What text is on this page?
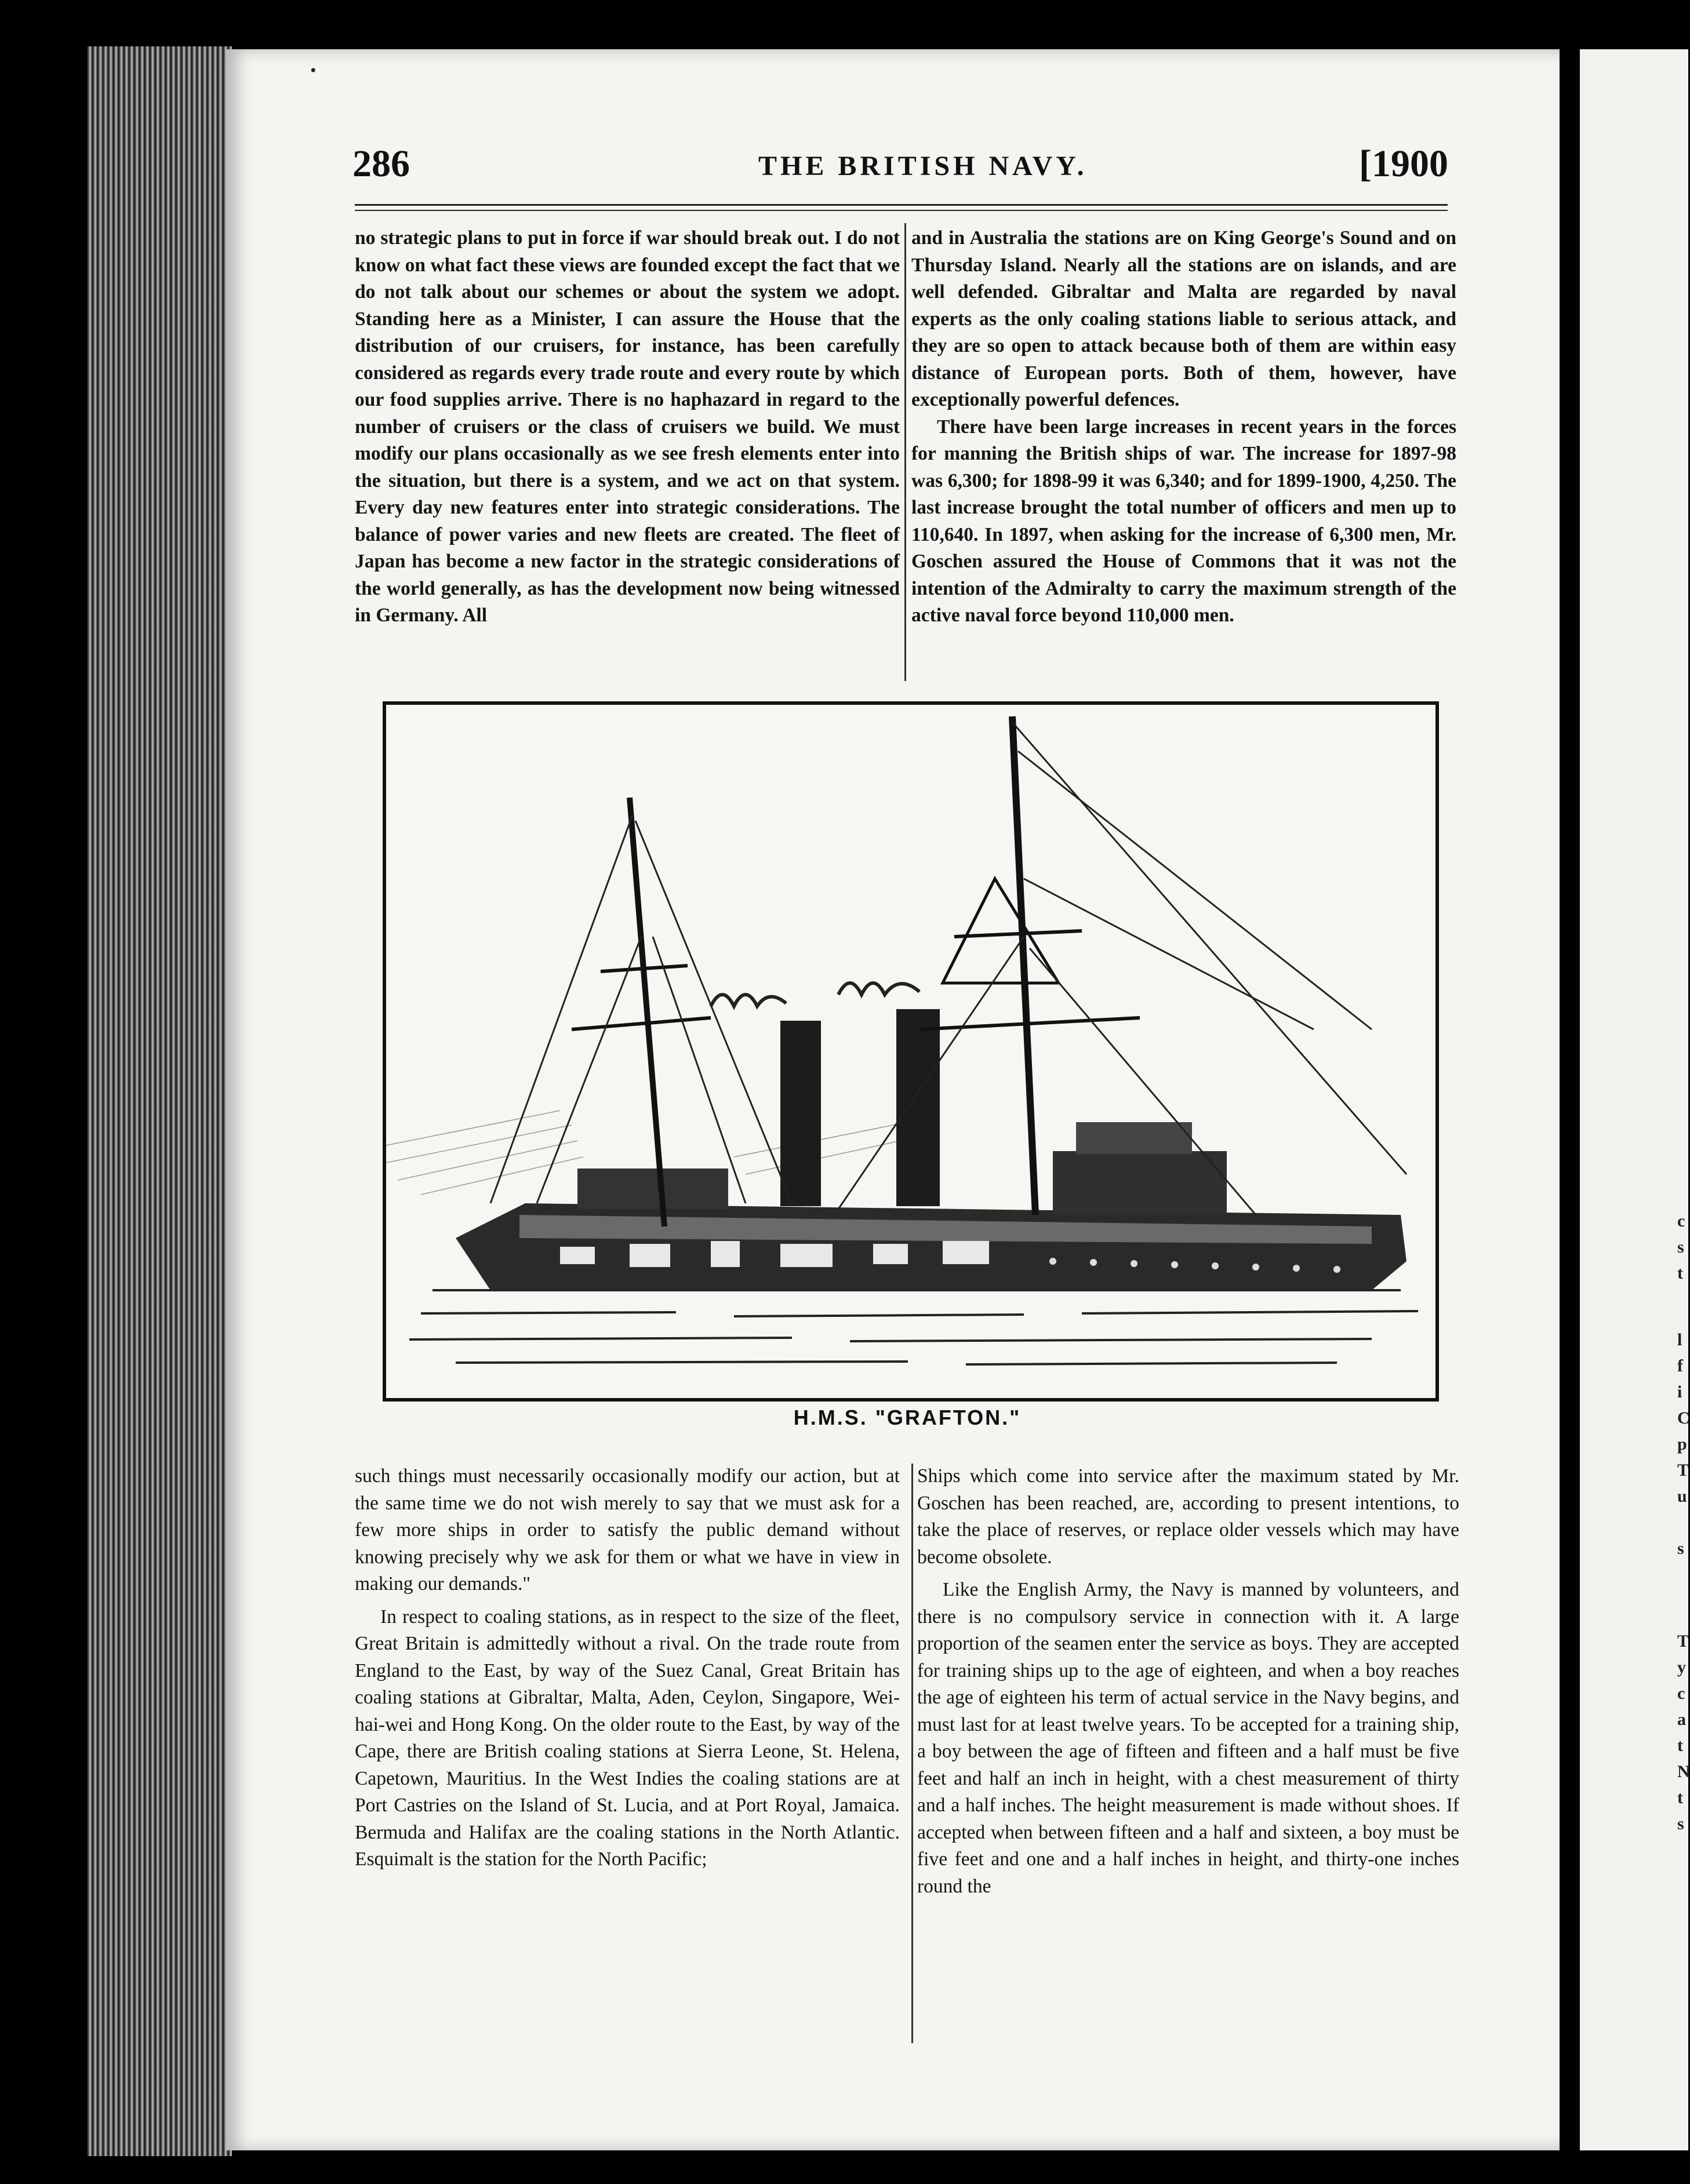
c
s
t
l
f
i
C
p
T
u
s
T
y
c
a
t
N
t
s
286	THE BRITISH NAVY.	[1900

no strategic plans to put in force if war should break out. I do not know on what fact these views are founded except the fact that we do not talk about our schemes or about the system we adopt. Standing here as a Minister, I can assure the House that the distribution of our cruisers, for instance, has been carefully considered as regards every trade route and every route by which our food supplies arrive. There is no haphazard in regard to the number of cruisers or the class of cruisers we build. We must modify our plans occasionally as we see fresh elements enter into the situation, but there is a system, and we act on that system. Every day new features enter into strategic considerations. The balance of power varies and new fleets are created. The fleet of Japan has become a new factor in the strategic considerations of the world generally, as has the development now being witnessed in Germany. All

and in Australia the stations are on King George's Sound and on Thursday Island. Nearly all the stations are on islands, and are well defended. Gibraltar and Malta are regarded by naval experts as the only coaling stations liable to serious attack, and they are so open to attack because both of them are within easy distance of European ports. Both of them, however, have exceptionally powerful defences.

There have been large increases in recent years in the forces for manning the British ships of war. The increase for 1897-98 was 6,300; for 1898-99 it was 6,340; and for 1899-1900, 4,250. The last increase brought the total number of officers and men up to 110,640. In 1897, when asking for the increase of 6,300 men, Mr. Goschen assured the House of Commons that it was not the intention of the Admiralty to carry the maximum strength of the active naval force beyond 110,000 men.

H.M.S. "GRAFTON."

such things must necessarily occasionally modify our action, but at the same time we do not wish merely to say that we must ask for a few more ships in order to satisfy the public demand without knowing precisely why we ask for them or what we have in view in making our demands."

In respect to coaling stations, as in respect to the size of the fleet, Great Britain is admittedly without a rival. On the trade route from England to the East, by way of the Suez Canal, Great Britain has coaling stations at Gibraltar, Malta, Aden, Ceylon, Singapore, Wei-hai-wei and Hong Kong. On the older route to the East, by way of the Cape, there are British coaling stations at Sierra Leone, St. Helena, Capetown, Mauritius. In the West Indies the coaling stations are at Port Castries on the Island of St. Lucia, and at Port Royal, Jamaica. Bermuda and Halifax are the coaling stations in the North Atlantic. Esquimalt is the station for the North Pacific;

Ships which come into service after the maximum stated by Mr. Goschen has been reached, are, according to present intentions, to take the place of reserves, or replace older vessels which may have become obsolete.

Like the English Army, the Navy is manned by volunteers, and there is no compulsory service in connection with it. A large proportion of the seamen enter the service as boys. They are accepted for training ships up to the age of eighteen, and when a boy reaches the age of eighteen his term of actual service in the Navy begins, and must last for at least twelve years. To be accepted for a training ship, a boy between the age of fifteen and fifteen and a half must be five feet and half an inch in height, with a chest measurement of thirty and a half inches. The height measurement is made without shoes. If accepted when between fifteen and a half and sixteen, a boy must be five feet and one and a half inches in height, and thirty-one inches round the

•
